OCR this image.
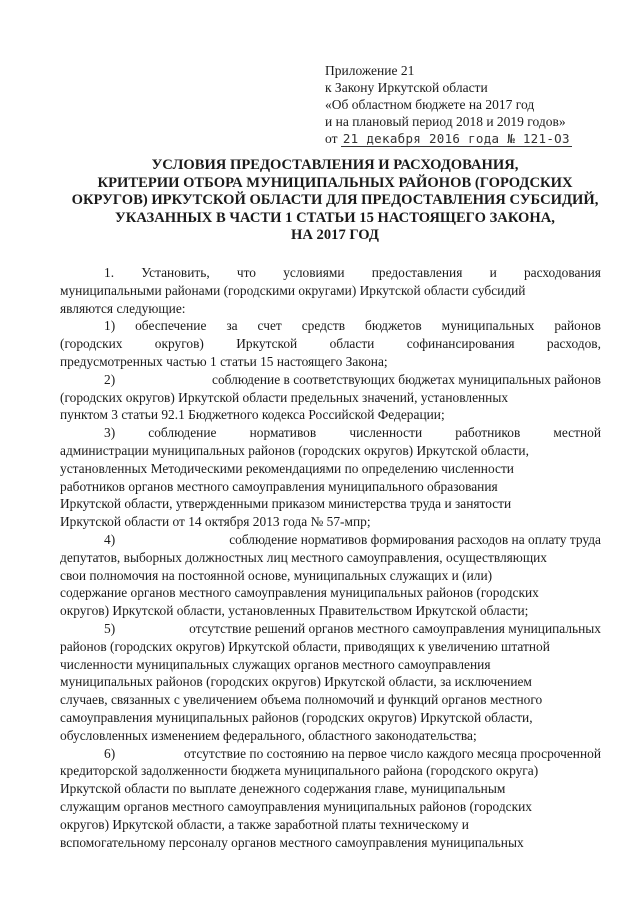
Приложение 21
к Закону Иркутской области
«Об областном бюджете на 2017 год
и на плановый период 2018 и 2019 годов»
от 21 декабря 2016 года № 121-ОЗ
УСЛОВИЯ ПРЕДОСТАВЛЕНИЯ И РАСХОДОВАНИЯ,
КРИТЕРИИ ОТБОРА МУНИЦИПАЛЬНЫХ РАЙОНОВ (ГОРОДСКИХ
ОКРУГОВ) ИРКУТСКОЙ ОБЛАСТИ ДЛЯ ПРЕДОСТАВЛЕНИЯ СУБСИДИЙ,
УКАЗАННЫХ В ЧАСТИ 1 СТАТЬИ 15 НАСТОЯЩЕГО ЗАКОНА,
НА 2017 ГОД
1. Установить, что условиями предоставления и расходования
муниципальными районами (городскими округами) Иркутской области субсидий
являются следующие:
1) обеспечение за счет средств бюджетов муниципальных районов
(городских округов) Иркутской области софинансирования расходов,
предусмотренных частью 1 статьи 15 настоящего Закона;
2)	соблюдение в соответствующих бюджетах муниципальных районов
(городских округов) Иркутской области предельных значений, установленных
пунктом 3 статьи 92.1 Бюджетного кодекса Российской Федерации;
3) соблюдение нормативов численности работников местной
администрации муниципальных районов (городских округов) Иркутской области,
установленных Методическими рекомендациями по определению численности
работников органов местного самоуправления муниципального образования
Иркутской области, утвержденными приказом министерства труда и занятости
Иркутской области от 14 октября 2013 года № 57-мпр;
4)	соблюдение нормативов формирования расходов на оплату труда
депутатов, выборных должностных лиц местного самоуправления, осуществляющих
свои полномочия на постоянной основе, муниципальных служащих и (или)
содержание органов местного самоуправления муниципальных районов (городских
округов) Иркутской области, установленных Правительством Иркутской области;
5)	отсутствие решений органов местного самоуправления муниципальных
районов (городских округов) Иркутской области, приводящих к увеличению штатной
численности муниципальных служащих органов местного самоуправления
муниципальных районов (городских округов) Иркутской области, за исключением
случаев, связанных с увеличением объема полномочий и функций органов местного
самоуправления муниципальных районов (городских округов) Иркутской области,
обусловленных изменением федерального, областного законодательства;
6)	отсутствие по состоянию на первое число каждого месяца просроченной
кредиторской задолженности бюджета муниципального района (городского округа)
Иркутской области по выплате денежного содержания главе, муниципальным
служащим органов местного самоуправления муниципальных районов (городских
округов) Иркутской области, а также заработной платы техническому и
вспомогательному персоналу органов местного самоуправления муниципальных
